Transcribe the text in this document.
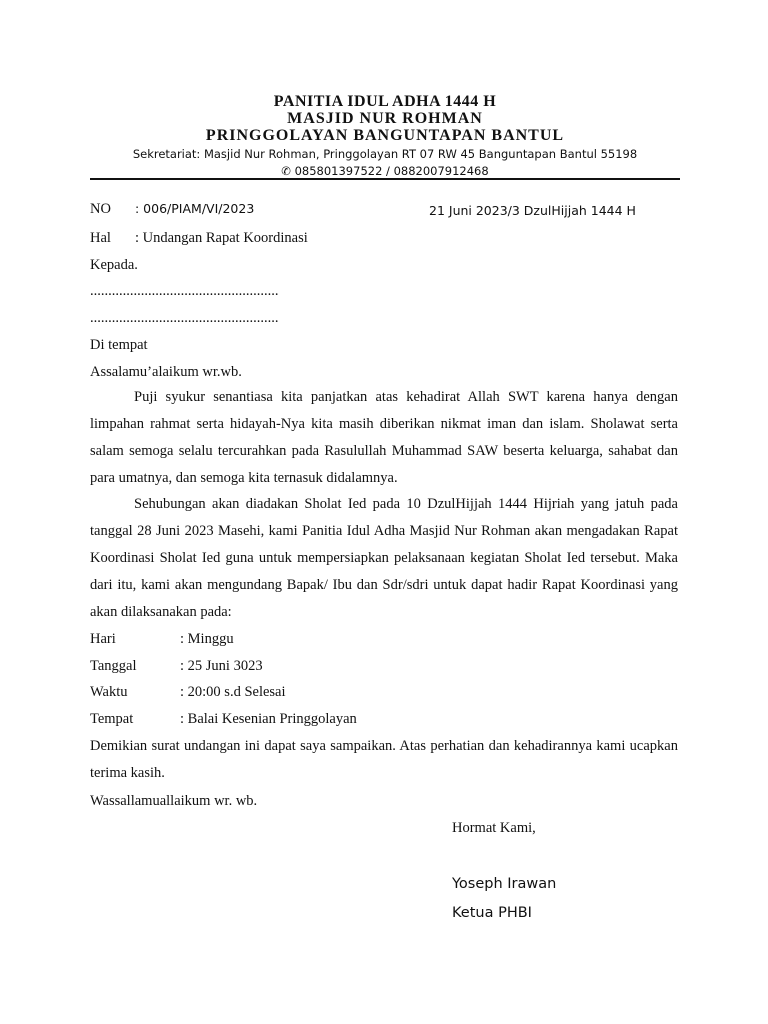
PANITIA IDUL ADHA 1444 H
MASJID NUR ROHMAN
PRINGGOLAYAN BANGUNTAPAN BANTUL
Sekretariat: Masjid Nur Rohman, Pringgolayan RT 07 RW 45 Banguntapan Bantul 55198
✆ 085801397522 / 0882007912468
NO : 006/PIAM/VI/2023	21 Juni 2023/3 DzulHijjah 1444 H
Hal : Undangan Rapat Koordinasi
Kepada.
....................................................
....................................................
Di tempat
Assalamu’alaikum wr.wb.

Puji syukur senantiasa kita panjatkan atas kehadirat Allah SWT karena hanya dengan limpahan rahmat serta hidayah-Nya kita masih diberikan nikmat iman dan islam. Sholawat serta salam semoga selalu tercurahkan pada Rasulullah Muhammad SAW beserta keluarga, sahabat dan para umatnya, dan semoga kita ternasuk didalamnya.

Sehubungan akan diadakan Sholat Ied pada 10 DzulHijjah 1444 Hijriah yang jatuh pada tanggal 28 Juni 2023 Masehi, kami Panitia Idul Adha Masjid Nur Rohman akan mengadakan Rapat Koordinasi Sholat Ied guna untuk mempersiapkan pelaksanaan kegiatan Sholat Ied tersebut. Maka dari itu, kami akan mengundang Bapak/ Ibu dan Sdr/sdri untuk dapat hadir Rapat Koordinasi yang akan dilaksanakan pada:

Hari	: Minggu
Tanggal	: 25 Juni 3023
Waktu	: 20:00 s.d Selesai
Tempat	: Balai Kesenian Pringgolayan

Demikian surat undangan ini dapat saya sampaikan. Atas perhatian dan kehadirannya kami ucapkan terima kasih.

Wassallamuallaikum wr. wb.
Hormat Kami,
Yoseph Irawan
Ketua PHBI
